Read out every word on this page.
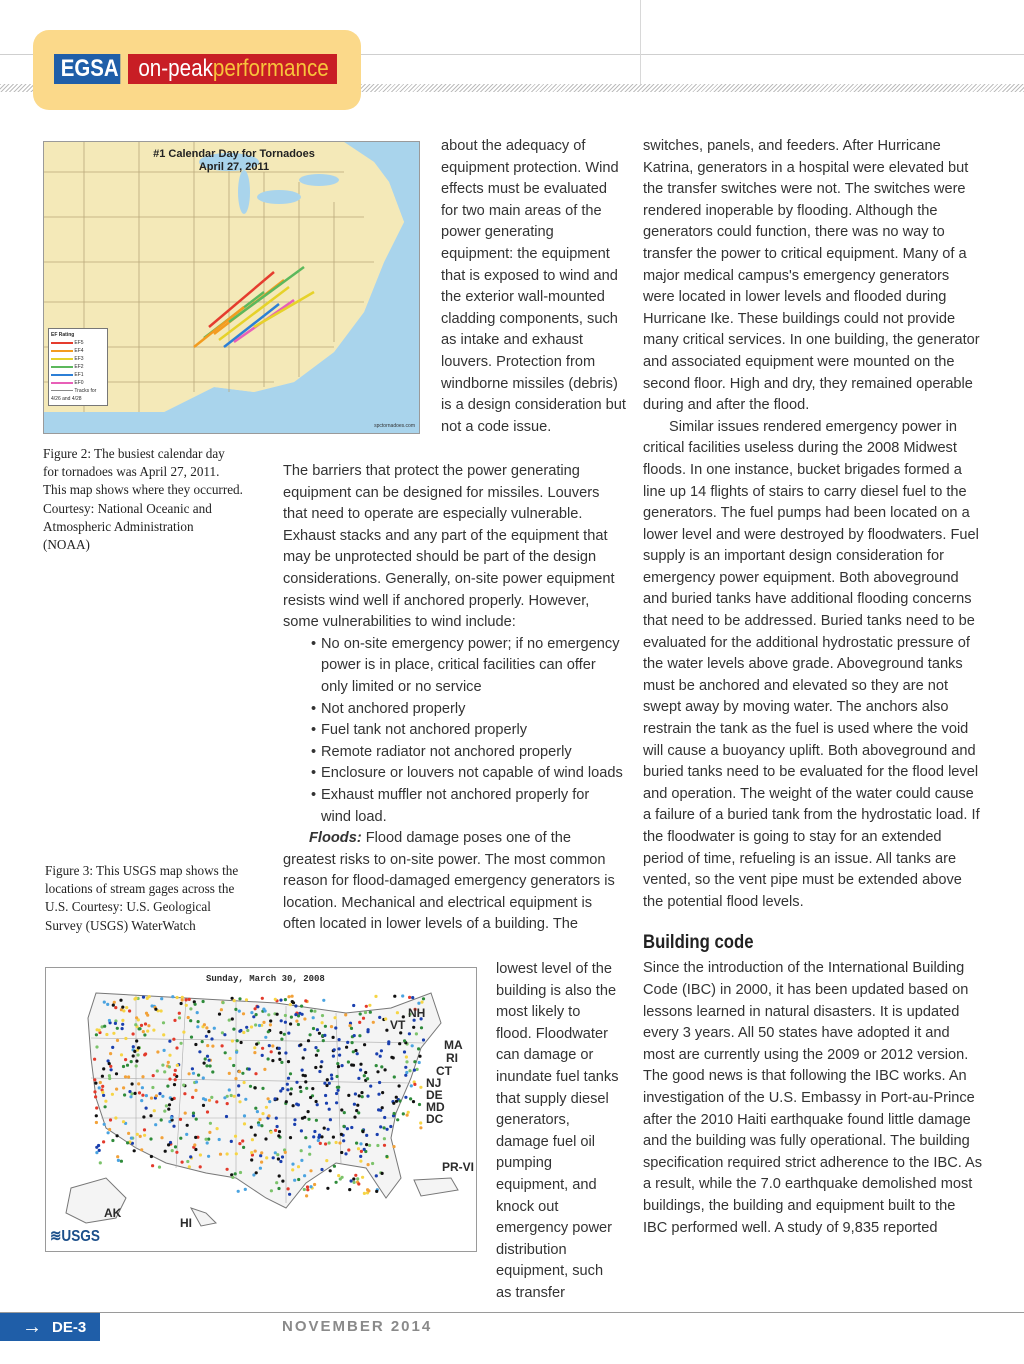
EGSA on-peak performance
#1 Calendar Day for Tornadoes
April 27, 2011
EF Rating
EF5
EF4
EF3
EF2
EF1
EF0
Tracks for 4/26 and 4/28
spctornadoes.com
Figure 2: The busiest calendar day for tornadoes was April 27, 2011. This map shows where they occurred. Courtesy: National Oceanic and Atmospheric Administration (NOAA)
Figure 3: This USGS map shows the locations of stream gages across the U.S. Courtesy: U.S. Geological Survey (USGS) WaterWatch
Sunday, March 30, 2008
NH
VT
MA
RI
CT
NJ
DE
MD
DC
PR-VI
AK
HI
≋USGS

about the adequacy of equipment protection. Wind effects must be evaluated for two main areas of the power generating equipment: the equipment that is exposed to wind and the exterior wall-mounted cladding components, such as intake and exhaust louvers. Protection from windborne missiles (debris) is a design consideration but not a code issue.

The barriers that protect the power generating equipment can be designed for missiles. Louvers that need to operate are especially vulnerable. Exhaust stacks and any part of the equipment that may be unprotected should be part of the design considerations. Generally, on-site power equipment resists wind well if anchored properly. However, some vulnerabilities to wind include:

• No on-site emergency power; if no emergency power is in place, critical facilities can offer only limited or no service
• Not anchored properly
• Fuel tank not anchored properly
• Remote radiator not anchored properly
• Enclosure or louvers not capable of wind loads
• Exhaust muffler not anchored properly for wind load.

Floods: Flood damage poses one of the greatest risks to on-site power. The most common reason for flood-damaged emergency generators is location. Mechanical and electrical equipment is often located in lower levels of a building. The

lowest level of the building is also the most likely to flood. Floodwater can damage or inundate fuel tanks that supply diesel generators, damage fuel oil pumping equipment, and knock out emergency power distribution equipment, such as transfer

switches, panels, and feeders. After Hurricane Katrina, generators in a hospital were elevated but the transfer switches were not. The switches were rendered inoperable by flooding. Although the generators could function, there was no way to transfer the power to critical equipment. Many of a major medical campus's emergency generators were located in lower levels and flooded during Hurricane Ike. These buildings could not provide many critical services. In one building, the generator and associated equipment were mounted on the second floor. High and dry, they remained operable during and after the flood.

Similar issues rendered emergency power in critical facilities useless during the 2008 Midwest floods. In one instance, bucket brigades formed a line up 14 flights of stairs to carry diesel fuel to the generators. The fuel pumps had been located on a lower level and were destroyed by floodwaters. Fuel supply is an important design consideration for emergency power equipment. Both aboveground and buried tanks have additional flooding concerns that need to be addressed. Buried tanks need to be evaluated for the additional hydrostatic pressure of the water levels above grade. Aboveground tanks must be anchored and elevated so they are not swept away by moving water. The anchors also restrain the tank as the fuel is used where the void will cause a buoyancy uplift. Both aboveground and buried tanks need to be evaluated for the flood level and operation. The weight of the water could cause a failure of a buried tank from the hydrostatic load. If the floodwater is going to stay for an extended period of time, refueling is an issue. All tanks are vented, so the vent pipe must be extended above the potential flood levels.

Building code

Since the introduction of the International Building Code (IBC) in 2000, it has been updated based on lessons learned in natural disasters. It is updated every 3 years. All 50 states have adopted it and most are currently using the 2009 or 2012 version. The good news is that following the IBC works. An investigation of the U.S. Embassy in Port-au-Prince after the 2010 Haiti earthquake found little damage and the building was fully operational. The building specification required strict adherence to the IBC. As a result, while the 7.0 earthquake demolished most buildings, the building and equipment built to the IBC performed well. A study of 9,835 reported

→ DE-3	NOVEMBER 2014
